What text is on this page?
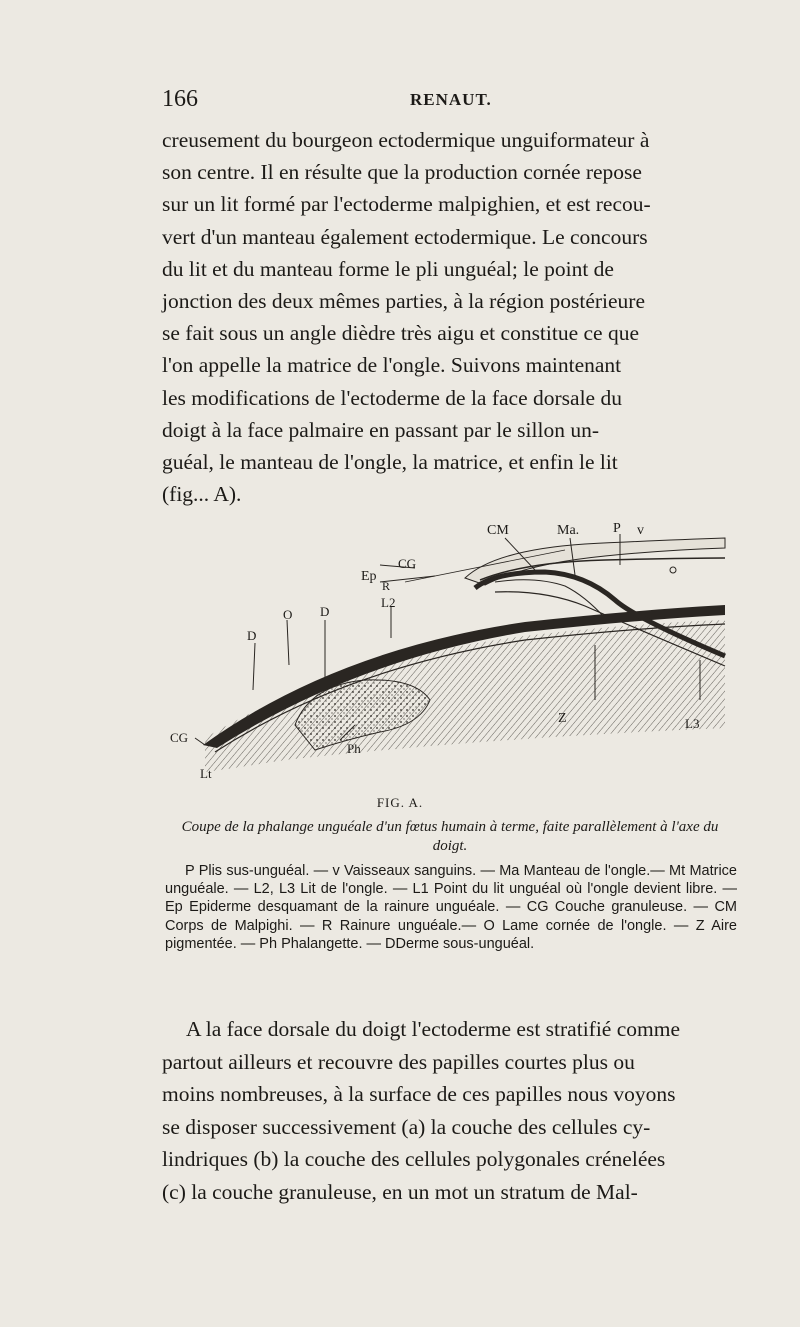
166	RENAUT.

creusement du bourgeon ectodermique unguiformateur à

son centre. Il en résulte que la production cornée repose

sur un lit formé par l'ectoderme malpighien, et est recou-

vert d'un manteau également ectodermique. Le concours

du lit et du manteau forme le pli unguéal; le point de

jonction des deux mêmes parties, à la région postérieure

se fait sous un angle dièdre très aigu et constitue ce que

l'on appelle la matrice de l'ongle. Suivons maintenant

les modifications de l'ectoderme de la face dorsale du

doigt à la face palmaire en passant par le sillon un-

guéal, le manteau de l'ongle, la matrice, et enfin le lit

(fig... A).

CM	Ma. P v
CG
Ep
R
L2
O D
D
Z	L3
CG
Ph
Lt
FIG. A.
Coupe de la phalange unguéale d'un fœtus humain à terme, faite parallèlement à l'axe du doigt.

P Plis sus-unguéal. — v Vaisseaux sanguins. — Ma Manteau de l'ongle.— Mt Matrice unguéale. — L2, L3 Lit de l'ongle. — L1 Point du lit unguéal où l'ongle devient libre. — Ep Epiderme desquamant de la rainure unguéale. — CG Couche granuleuse. — CM Corps de Malpighi. — R Rainure unguéale.— O Lame cornée de l'ongle. — Z Aire pigmentée. — Ph Phalangette. — DDerme sous-unguéal.

A la face dorsale du doigt l'ectoderme est stratifié comme

partout ailleurs et recouvre des papilles courtes plus ou

moins nombreuses, à la surface de ces papilles nous voyons

se disposer successivement (a) la couche des cellules cy-

lindriques (b) la couche des cellules polygonales crénelées

(c) la couche granuleuse, en un mot un stratum de Mal-
